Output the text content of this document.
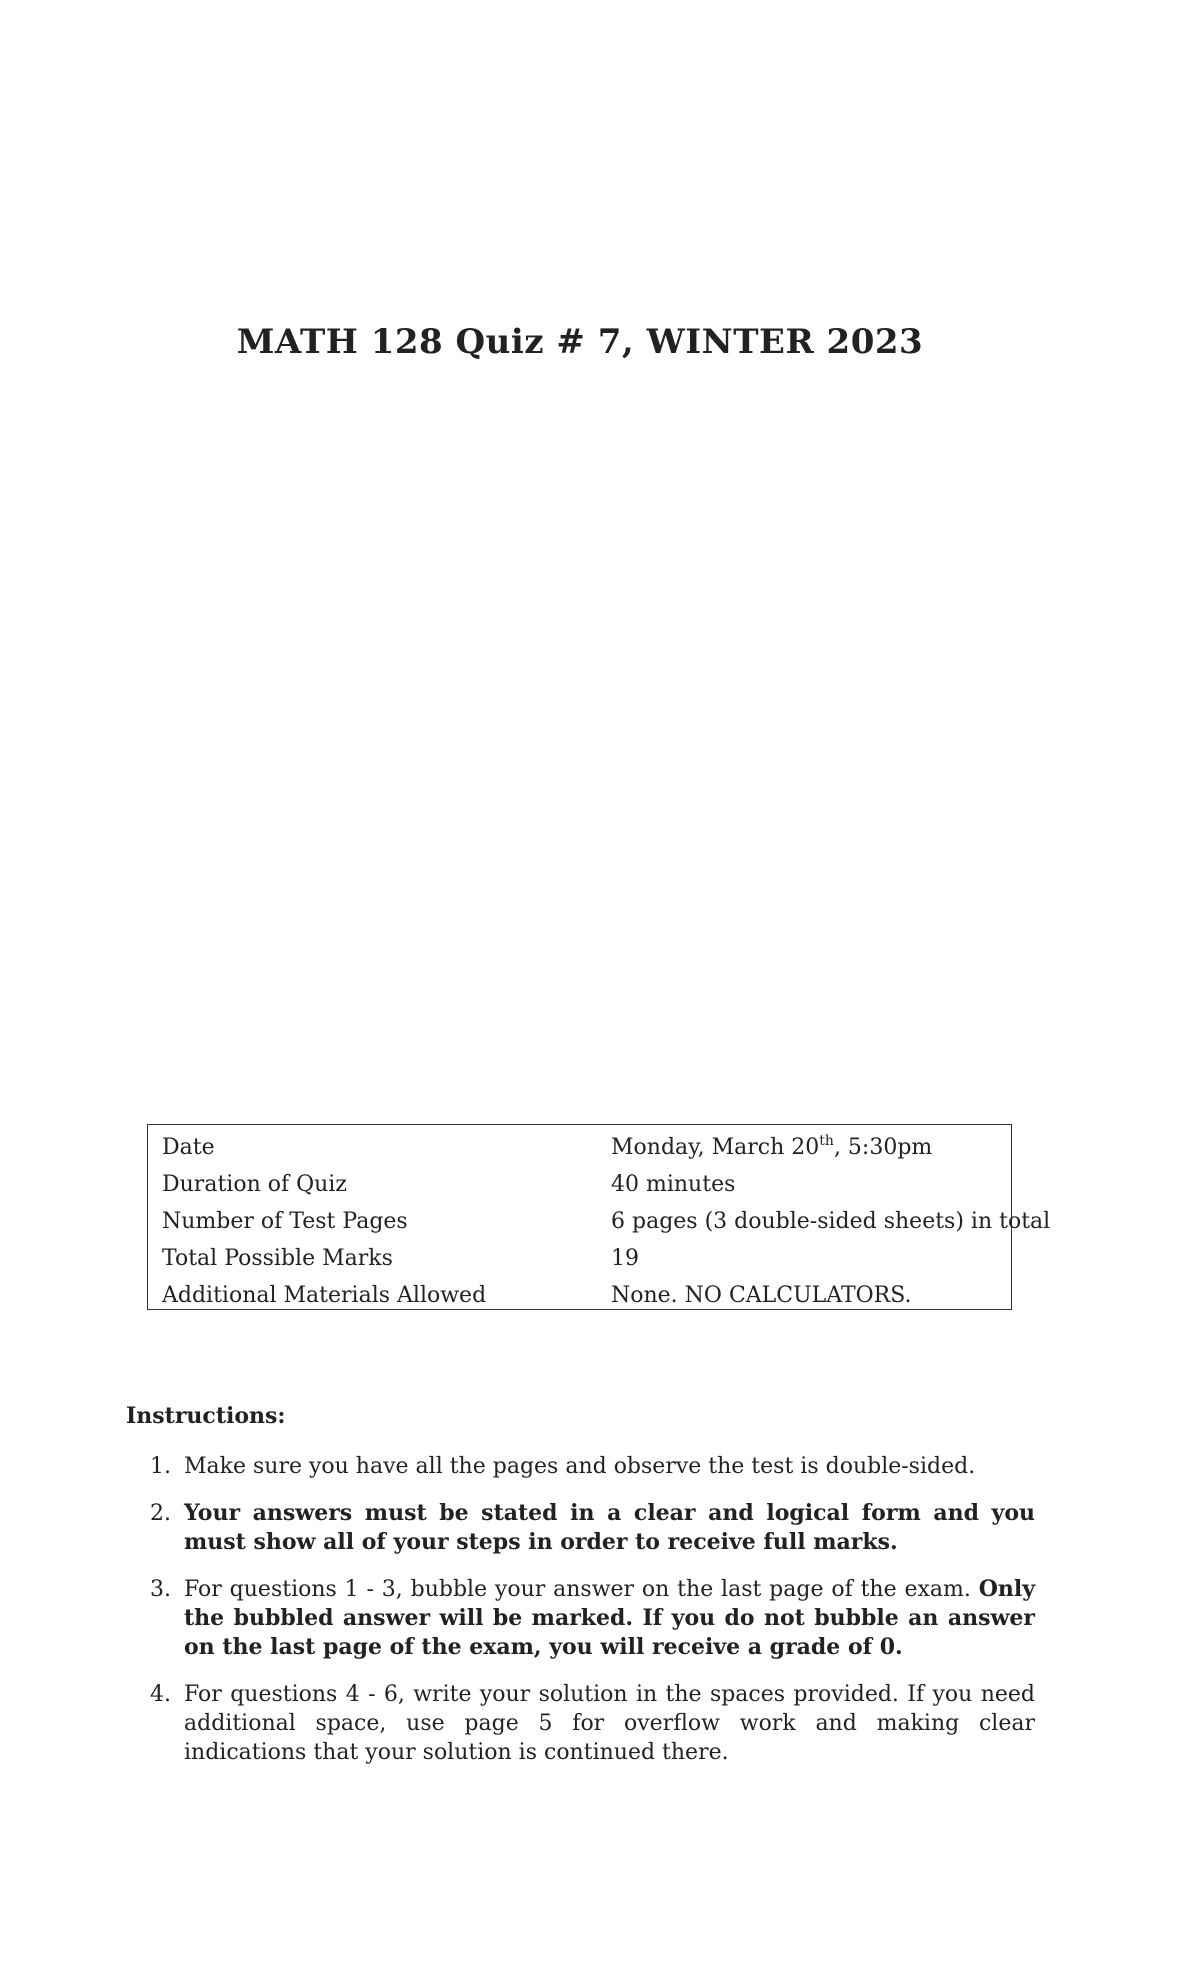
MATH 128 Quiz # 7, WINTER 2023
Date	Monday, March 20th, 5:30pm
Duration of Quiz	40 minutes
Number of Test Pages	6 pages (3 double-sided sheets) in total
Total Possible Marks	19
Additional Materials Allowed	None. NO CALCULATORS.
Instructions:
1. Make sure you have all the pages and observe the test is double-sided.
2. Your answers must be stated in a clear and logical form and you must show all of your steps in order to receive full marks.
3. For questions 1 - 3, bubble your answer on the last page of the exam. Only the bubbled answer will be marked. If you do not bubble an answer on the last page of the exam, you will receive a grade of 0.
4. For questions 4 - 6, write your solution in the spaces provided. If you need additional space, use page 5 for overflow work and making clear indications that your solution is continued there.
